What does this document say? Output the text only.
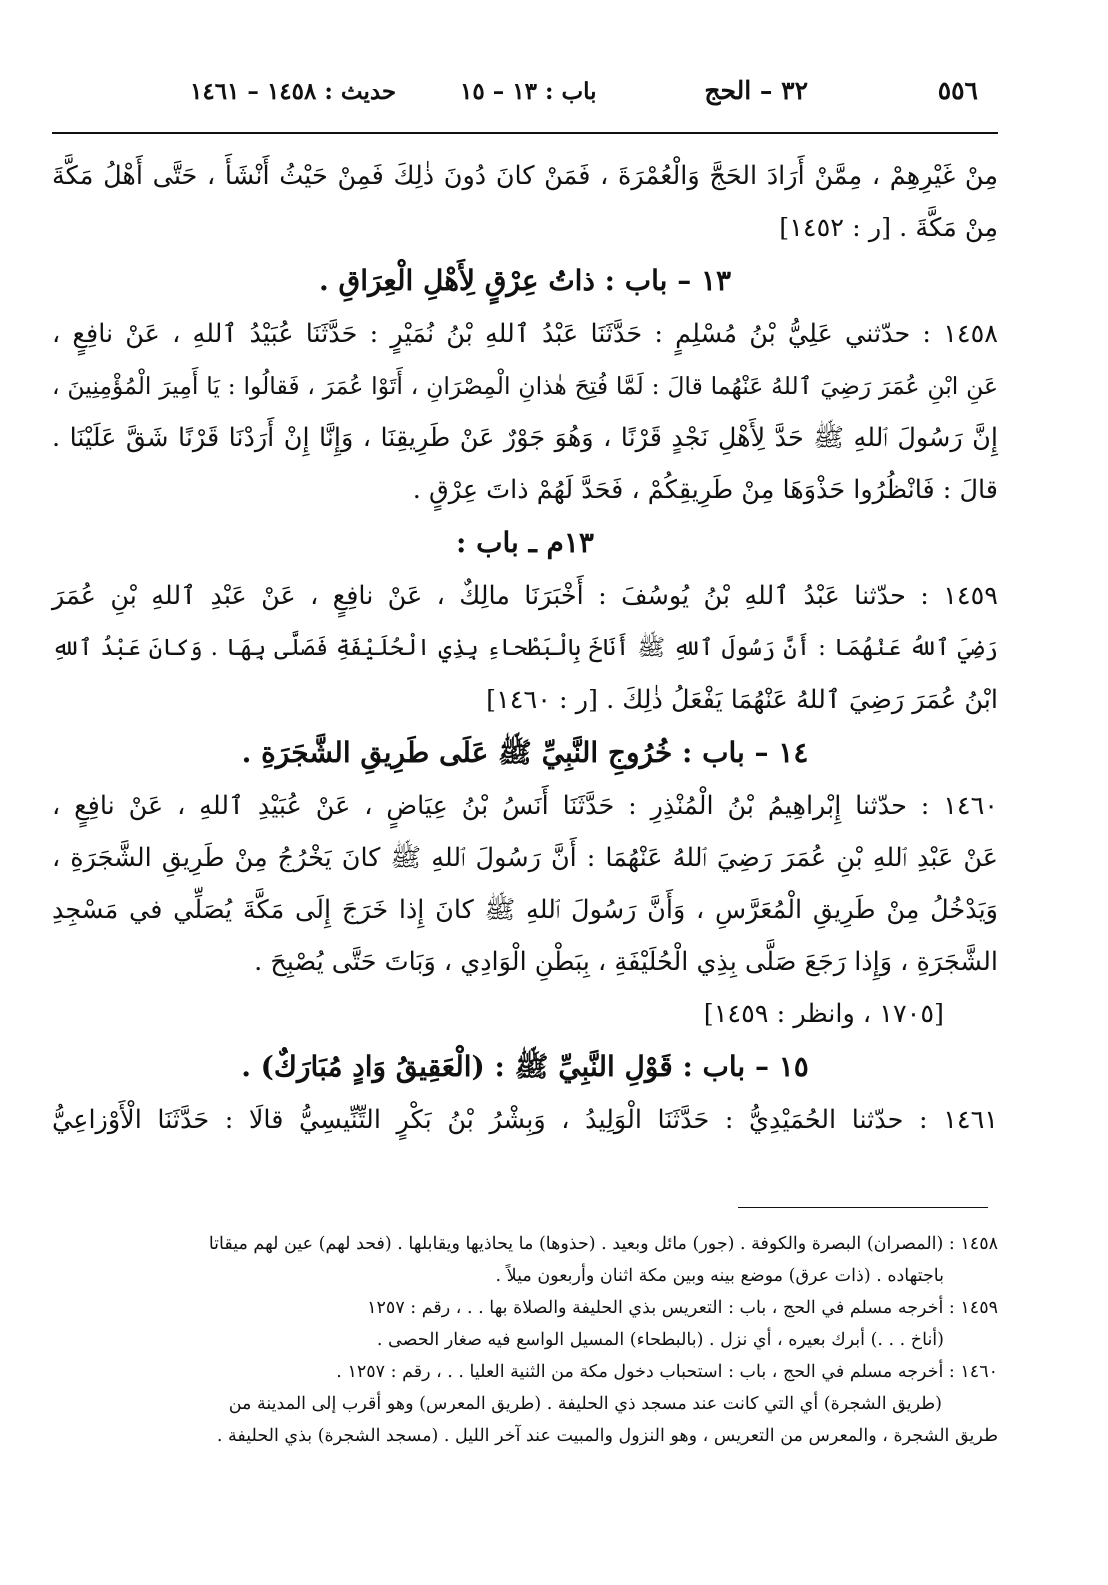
٥٥٦
٣٢ – الحج
باب : ١٣ – ١٥
حديث : ١٤٥٨ – ١٤٦١
مِنْ غَيْرِهِمْ ، مِمَّنْ أَرَادَ الحَجَّ وَالْعُمْرَةَ ، فَمَنْ كانَ دُونَ ذٰلِكَ فَمِنْ حَيْثُ أَنْشَأَ ، حَتَّى أَهْلُ مَكَّةَ
مِنْ مَكَّةَ . [ر : ١٤٥٢]
١٣ – باب : ذاتُ عِرْقٍ لِأَهْلِ الْعِرَاقِ .
١٤٥٨ : حدّثني عَلِيُّ بْنُ مُسْلِمٍ : حَدَّثَنَا عَبْدُ ٱللهِ بْنُ نُمَيْرٍ : حَدَّثَنَا عُبَيْدُ ٱللهِ ، عَنْ نافِعٍ ،
عَنِ ابْنِ عُمَرَ رَضِيَ ٱللهُ عَنْهُما قالَ : لَمَّا فُتِحَ هٰذانِ الْمِصْرَانِ ، أَتَوْا عُمَرَ ، فَقالُوا : يَا أَمِيرَ الْمُؤْمِنِينَ ،
إِنَّ رَسُولَ ٱللهِ ﷺ حَدَّ لِأَهْلِ نَجْدٍ قَرْنًا ، وَهُوَ جَوْرٌ عَنْ طَرِيقِنَا ، وَإِنَّا إِنْ أَرَدْنَا قَرْنًا شَقَّ عَلَيْنَا .
قالَ : فَانْظُرُوا حَذْوَهَا مِنْ طَرِيقِكُمْ ، فَحَدَّ لَهُمْ ذاتَ عِرْقٍ .
١٣م ـ باب :
١٤٥٩ : حدّثنا عَبْدُ ٱللهِ بْنُ يُوسُفَ : أَخْبَرَنَا مالِكٌ ، عَنْ نافِعٍ ، عَنْ عَبْدِ ٱللهِ بْنِ عُمَرَ
رَضِيَ ٱللهُ عَنْهُمَا : أَنَّ رَسُولَ ٱللهِ ﷺ أَنَاخَ بِالْبَطْحاءِ بِذِي الْحُلَيْفَةِ فَصَلَّى بِهَا . وَكانَ عَبْدُ ٱللهِ
ابْنُ عُمَرَ رَضِيَ ٱللهُ عَنْهُمَا يَفْعَلُ ذٰلِكَ . [ر : ١٤٦٠]
١٤ – باب : خُرُوجِ النَّبِيِّ ﷺ عَلَى طَرِيقِ الشَّجَرَةِ .
١٤٦٠ : حدّثنا إِبْراهِيمُ بْنُ الْمُنْذِرِ : حَدَّثَنَا أَنَسُ بْنُ عِيَاضٍ ، عَنْ عُبَيْدِ ٱللهِ ، عَنْ نافِعٍ ،
عَنْ عَبْدِ ٱللهِ بْنِ عُمَرَ رَضِيَ ٱللهُ عَنْهُمَا : أَنَّ رَسُولَ ٱللهِ ﷺ كانَ يَخْرُجُ مِنْ طَرِيقِ الشَّجَرَةِ ،
وَيَدْخُلُ مِنْ طَرِيقِ الْمُعَرَّسِ ، وَأَنَّ رَسُولَ ٱللهِ ﷺ كانَ إِذا خَرَجَ إِلَى مَكَّةَ يُصَلِّي في مَسْجِدِ
الشَّجَرَةِ ، وَإِذا رَجَعَ صَلَّى بِذِي الْحُلَيْفَةِ ، بِبَطْنِ الْوَادِي ، وَبَاتَ حَتَّى يُصْبِحَ .
[١٧٠٥ ، وانظر : ١٤٥٩]
١٥ – باب : قَوْلِ النَّبِيِّ ﷺ : (الْعَقِيقُ وَادٍ مُبَارَكٌ) .
١٤٦١ : حدّثنا الحُمَيْدِيُّ : حَدَّثَنَا الْوَلِيدُ ، وَبِشْرُ بْنُ بَكْرٍ التِّنِّيسِيُّ قالَا : حَدَّثَنَا الْأَوْزاعِيُّ
١٤٥٨ : (المصران) البصرة والكوفة . (جور) مائل وبعيد . (حذوها) ما يحاذيها ويقابلها . (فحد لهم) عين لهم ميقاتا
باجتهاده . (ذات عرق) موضع بينه وبين مكة اثنان وأربعون ميلاً .
١٤٥٩ : أخرجه مسلم في الحج ، باب : التعريس بذي الحليفة والصلاة بها . . ، رقم : ١٢٥٧
(أناخ . . .) أبرك بعيره ، أي نزل . (بالبطحاء) المسيل الواسع فيه صغار الحصى .
١٤٦٠ : أخرجه مسلم في الحج ، باب : استحباب دخول مكة من الثنية العليا . . ، رقم : ١٢٥٧ .
(طريق الشجرة) أي التي كانت عند مسجد ذي الحليفة . (طريق المعرس) وهو أقرب إلى المدينة من
طريق الشجرة ، والمعرس من التعريس ، وهو النزول والمبيت عند آخر الليل . (مسجد الشجرة) بذي الحليفة .
